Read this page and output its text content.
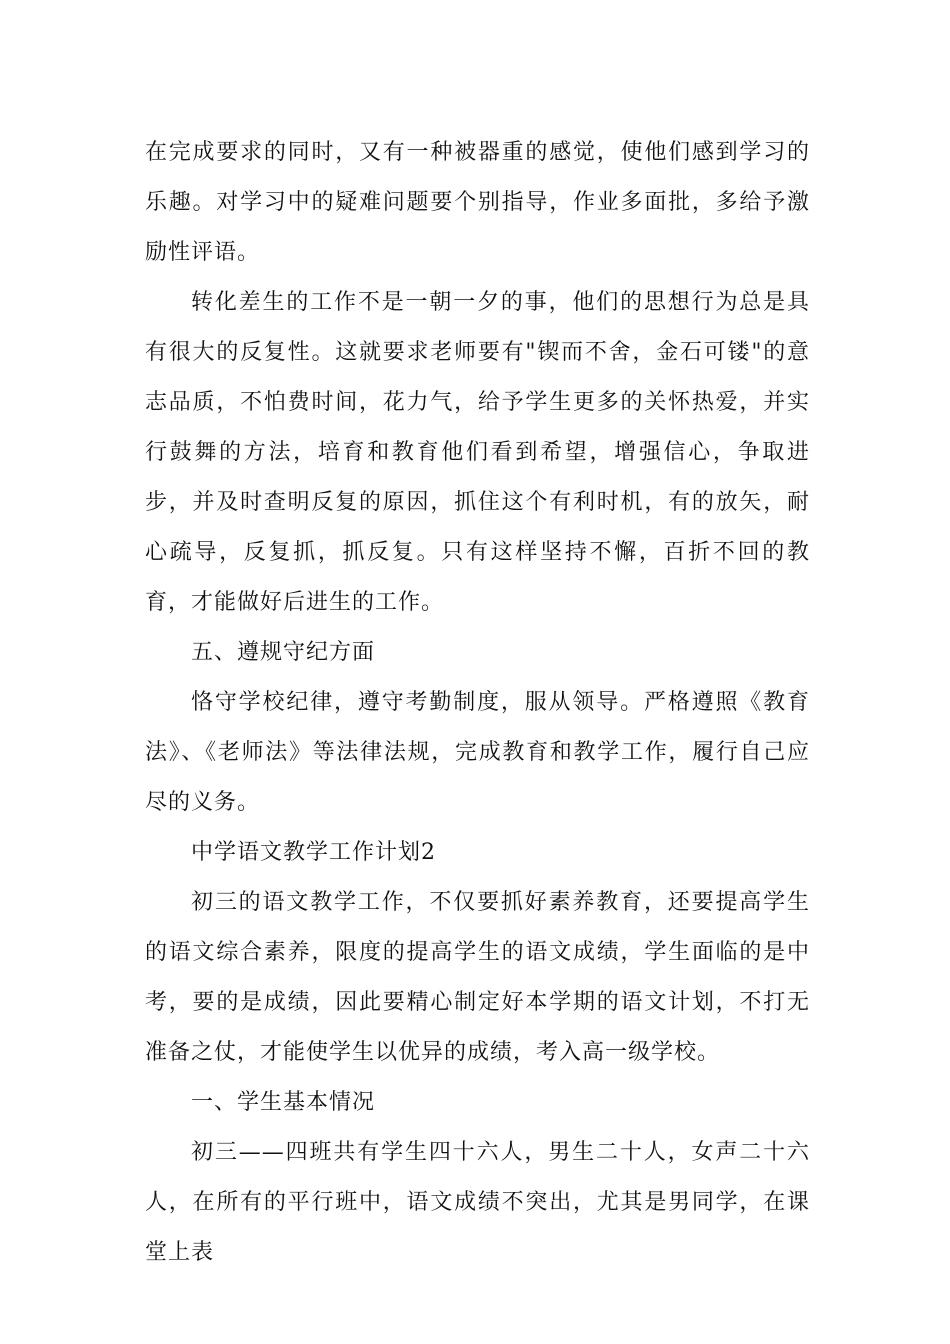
在完成要求的同时，又有一种被器重的感觉，使他们感到学习的乐趣。对学习中的疑难问题要个别指导，作业多面批，多给予激励性评语。

转化差生的工作不是一朝一夕的事，他们的思想行为总是具有很大的反复性。这就要求老师要有"锲而不舍，金石可镂"的意志品质，不怕费时间，花力气，给予学生更多的关怀热爱，并实行鼓舞的方法，培育和教育他们看到希望，增强信心，争取进步，并及时查明反复的原因，抓住这个有利时机，有的放矢，耐心疏导，反复抓，抓反复。只有这样坚持不懈，百折不回的教育，才能做好后进生的工作。

五、遵规守纪方面

恪守学校纪律，遵守考勤制度，服从领导。严格遵照《教育法》、《老师法》等法律法规，完成教育和教学工作，履行自己应尽的义务。

中学语文教学工作计划2

初三的语文教学工作，不仅要抓好素养教育，还要提高学生的语文综合素养，限度的提高学生的语文成绩，学生面临的是中考，要的是成绩，因此要精心制定好本学期的语文计划，不打无准备之仗，才能使学生以优异的成绩，考入高一级学校。

一、学生基本情况

初三——四班共有学生四十六人，男生二十人，女声二十六人，在所有的平行班中，语文成绩不突出，尤其是男同学，在课堂上表
